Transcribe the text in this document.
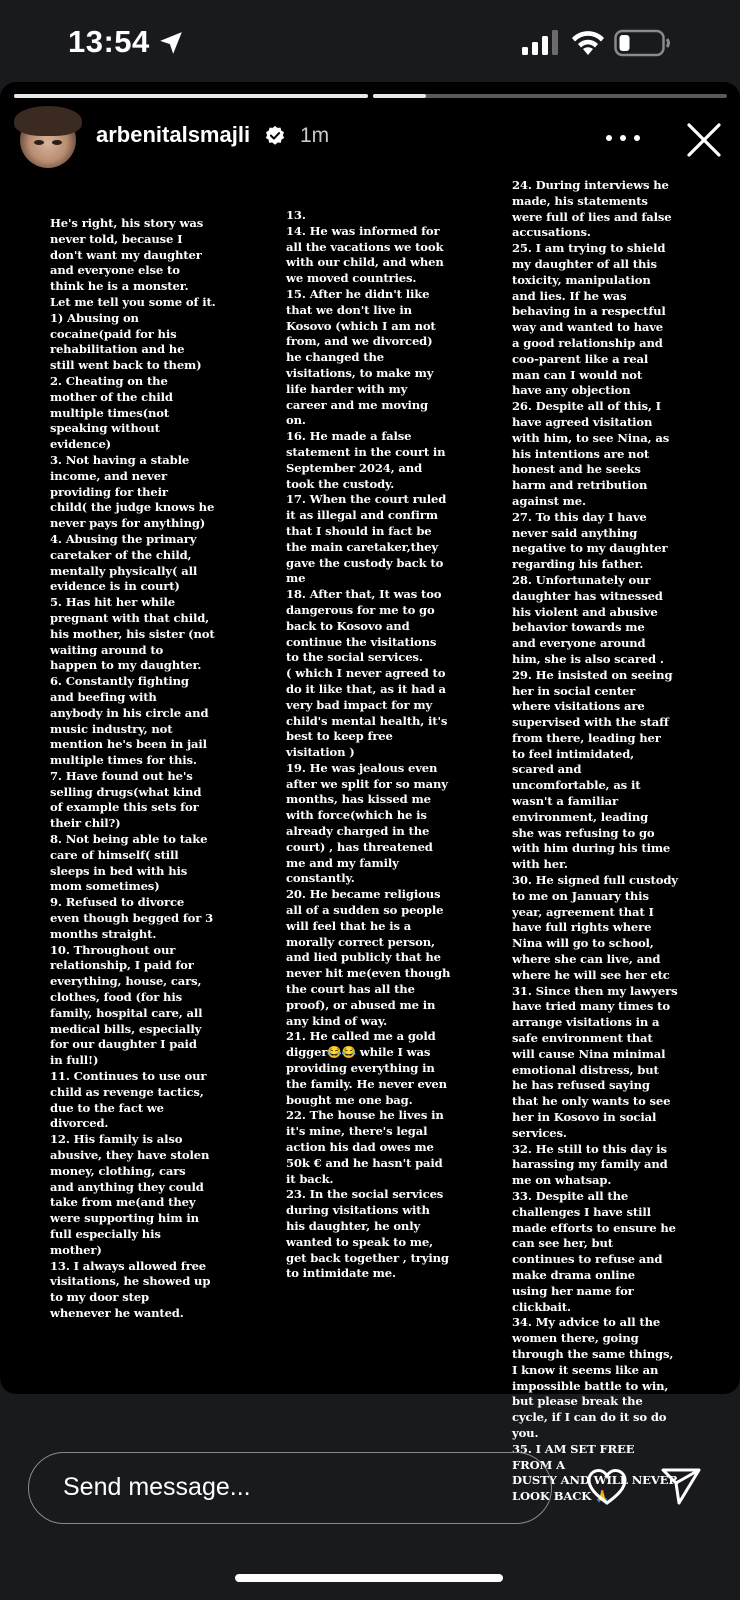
13:54
arbenitalsmajli 1m
He's right, his story was
never told, because I
don't want my daughter
and everyone else to
think he is a monster.
Let me tell you some of it.
1) Abusing on
cocaine(paid for his
rehabilitation and he
still went back to them)
2. Cheating on the
mother of the child
multiple times(not
speaking without
evidence)
3. Not having a stable
income, and never
providing for their
child( the judge knows he
never pays for anything)
4. Abusing the primary
caretaker of the child,
mentally physically( all
evidence is in court)
5. Has hit her while
pregnant with that child,
his mother, his sister (not
waiting around to
happen to my daughter.
6. Constantly fighting
and beefing with
anybody in his circle and
music industry, not
mention he's been in jail
multiple times for this.
7. Have found out he's
selling drugs(what kind
of example this sets for
their chil?)
8. Not being able to take
care of himself( still
sleeps in bed with his
mom sometimes)
9. Refused to divorce
even though begged for 3
months straight.
10. Throughout our
relationship, I paid for
everything, house, cars,
clothes, food (for his
family, hospital care, all
medical bills, especially
for our daughter I paid
in full!)
11. Continues to use our
child as revenge tactics,
due to the fact we
divorced.
12. His family is also
abusive, they have stolen
money, clothing, cars
and anything they could
take from me(and they
were supporting him in
full especially his
mother)
13. I always allowed free
visitations, he showed up
to my door step
whenever he wanted.
13.
14. He was informed for
all the vacations we took
with our child, and when
we moved countries.
15. After he didn't like
that we don't live in
Kosovo (which I am not
from, and we divorced)
he changed the
visitations, to make my
life harder with my
career and me moving
on.
16. He made a false
statement in the court in
September 2024, and
took the custody.
17. When the court ruled
it as illegal and confirm
that I should in fact be
the main caretaker,they
gave the custody back to
me
18. After that, It was too
dangerous for me to go
back to Kosovo and
continue the visitations
to the social services.
( which I never agreed to
do it like that, as it had a
very bad impact for my
child's mental health, it's
best to keep free
visitation )
19. He was jealous even
after we split for so many
months, has kissed me
with force(which he is
already charged in the
court) , has threatened
me and my family
constantly.
20. He became religious
all of a sudden so people
will feel that he is a
morally correct person,
and lied publicly that he
never hit me(even though
the court has all the
proof), or abused me in
any kind of way.
21. He called me a gold
digger😂😂 while I was
providing everything in
the family. He never even
bought me one bag.
22. The house he lives in
it's mine, there's legal
action his dad owes me
50k € and he hasn't paid
it back.
23. In the social services
during visitations with
his daughter, he only
wanted to speak to me,
get back together , trying
to intimidate me.
24. During interviews he
made, his statements
were full of lies and false
accusations.
25. I am trying to shield
my daughter of all this
toxicity, manipulation
and lies. If he was
behaving in a respectful
way and wanted to have
a good relationship and
coo-parent like a real
man can I would not
have any objection
26. Despite all of this, I
have agreed visitation
with him, to see Nina, as
his intentions are not
honest and he seeks
harm and retribution
against me.
27. To this day I have
never said anything
negative to my daughter
regarding his father.
28. Unfortunately our
daughter has witnessed
his violent and abusive
behavior towards me
and everyone around
him, she is also scared .
29. He insisted on seeing
her in social center
where visitations are
supervised with the staff
from there, leading her
to feel intimidated,
scared and
uncomfortable, as it
wasn't a familiar
environment, leading
she was refusing to go
with him during his time
with her.
30. He signed full custody
to me on January this
year, agreement that I
have full rights where
Nina will go to school,
where she can live, and
where he will see her etc
31. Since then my lawyers
have tried many times to
arrange visitations in a
safe environment that
will cause Nina minimal
emotional distress, but
he has refused saying
that he only wants to see
her in Kosovo in social
services.
32. He still to this day is
harassing my family and
me on whatsap.
33. Despite all the
challenges I have still
made efforts to ensure he
can see her, but
continues to refuse and
make drama online
using her name for
clickbait.
34. My advice to all the
women there, going
through the same things,
I know it seems like an
impossible battle to win,
but please break the
cycle, if I can do it so do
you.
35. I AM SET FREE FROM A
DUSTY AND WILL NEVER
LOOK BACK 🙏
Send message...
